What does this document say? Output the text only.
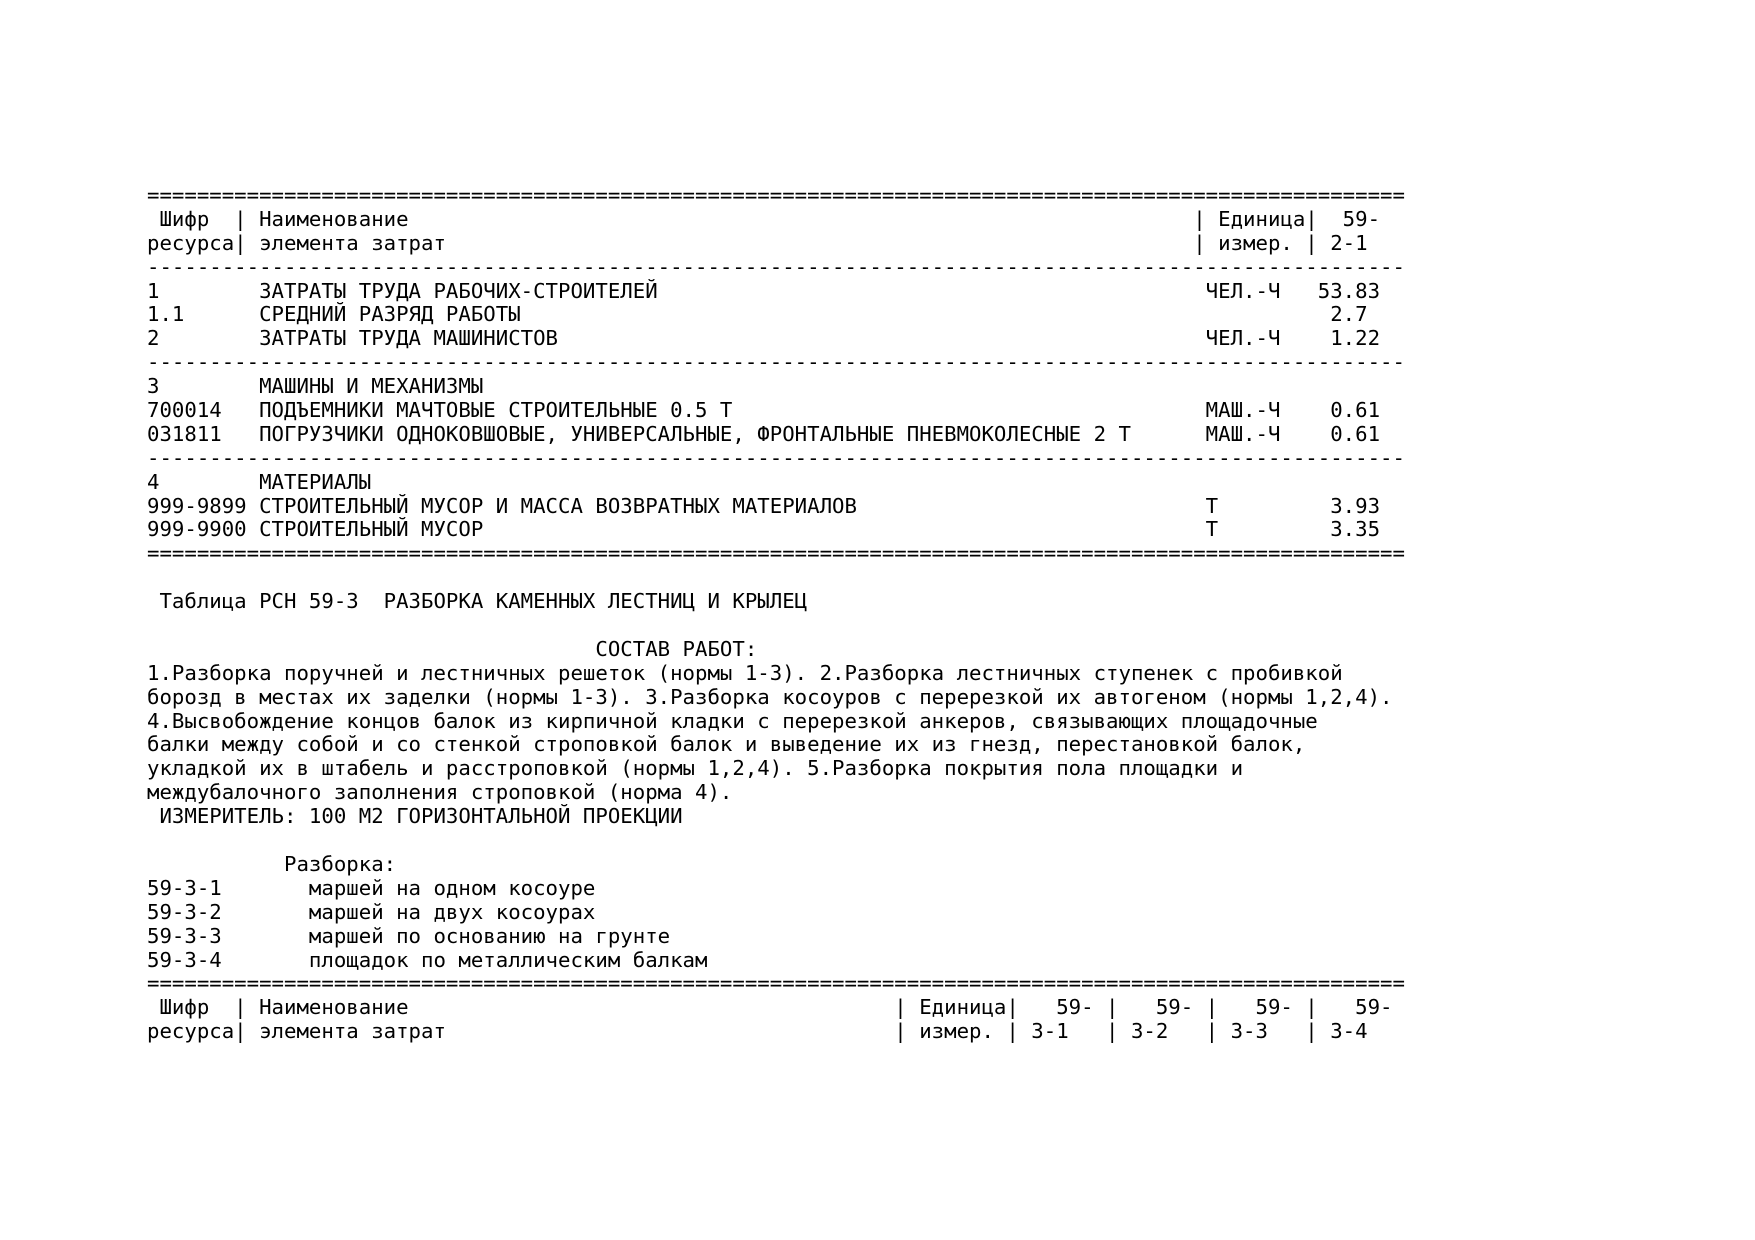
=====================================================================================================
Шифр  | Наименование                                                               | Единица|  59-
ресурса| элемента затрат                                                            | измер. | 2-1
-----------------------------------------------------------------------------------------------------
1        ЗАТРАТЫ ТРУДА РАБОЧИХ-СТРОИТЕЛЕЙ                                            ЧЕЛ.-Ч   53.83
1.1      СРЕДНИЙ РАЗРЯД РАБОТЫ                                                                 2.7
2        ЗАТРАТЫ ТРУДА МАШИНИСТОВ                                                    ЧЕЛ.-Ч    1.22
-----------------------------------------------------------------------------------------------------
3        МАШИНЫ И МЕХАНИЗМЫ
700014   ПОДЪЕМНИКИ МАЧТОВЫЕ СТРОИТЕЛЬНЫЕ 0.5 Т                                      МАШ.-Ч    0.61
031811   ПОГРУЗЧИКИ ОДНОКОВШОВЫЕ, УНИВЕРСАЛЬНЫЕ, ФРОНТАЛЬНЫЕ ПНЕВМОКОЛЕСНЫЕ 2 Т      МАШ.-Ч    0.61
-----------------------------------------------------------------------------------------------------
4        МАТЕРИАЛЫ
999-9899 СТРОИТЕЛЬНЫЙ МУСОР И МАССА ВОЗВРАТНЫХ МАТЕРИАЛОВ                            Т         3.93
999-9900 СТРОИТЕЛЬНЫЙ МУСОР                                                          Т         3.35
=====================================================================================================
Таблица РСН 59-3  РАЗБОРКА КАМЕННЫХ ЛЕСТНИЦ И КРЫЛЕЦ
СОСТАВ РАБОТ:
1.Разборка поручней и лестничных решеток (нормы 1-3). 2.Разборка лестничных ступенек с пробивкой
борозд в местах их заделки (нормы 1-3). 3.Разборка косоуров с перерезкой их автогеном (нормы 1,2,4).
4.Высвобождение концов балок из кирпичной кладки с перерезкой анкеров, связывающих площадочные
балки между собой и со стенкой строповкой балок и выведение их из гнезд, перестановкой балок,
укладкой их в штабель и расстроповкой (нормы 1,2,4). 5.Разборка покрытия пола площадки и
междубалочного заполнения строповкой (норма 4).
ИЗМЕРИТЕЛЬ: 100 М2 ГОРИЗОНТАЛЬНОЙ ПРОЕКЦИИ
Разборка:
59-3-1       маршей на одном косоуре
59-3-2       маршей на двух косоурах
59-3-3       маршей по основанию на грунте
59-3-4       площадок по металлическим балкам
=====================================================================================================
Шифр  | Наименование                                       | Единица|   59- |   59- |   59- |   59-
ресурса| элемента затрат                                    | измер. | 3-1   | 3-2   | 3-3   | 3-4
